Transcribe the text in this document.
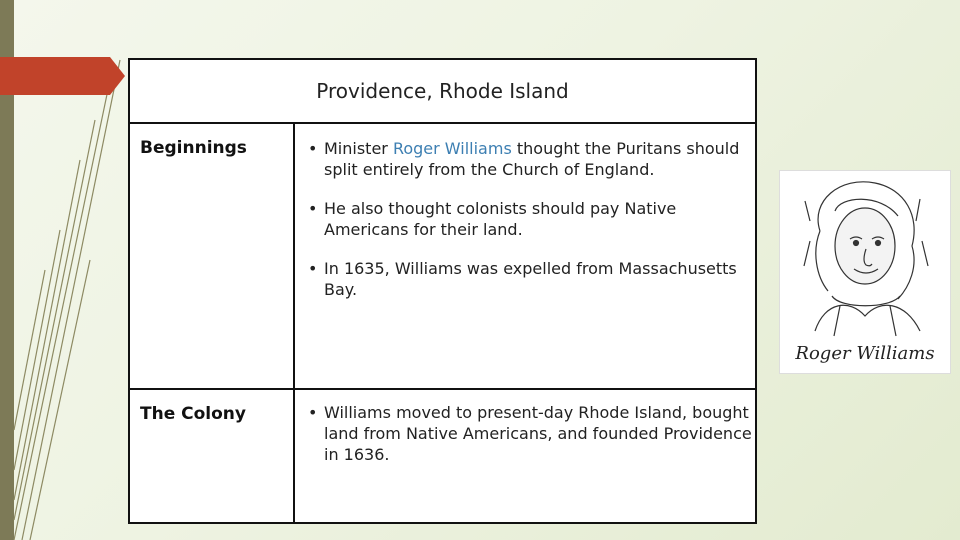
Providence, Rhode Island
Beginnings	• Minister Roger Williams thought the Puritans should split entirely from the Church of England.
• He also thought colonists should pay Native Americans for their land.
• In 1635, Williams was expelled from Massachusetts Bay.
The Colony	• Williams moved to present-day Rhode Island, bought land from Native Americans, and founded Providence in 1636.
Roger Williams
